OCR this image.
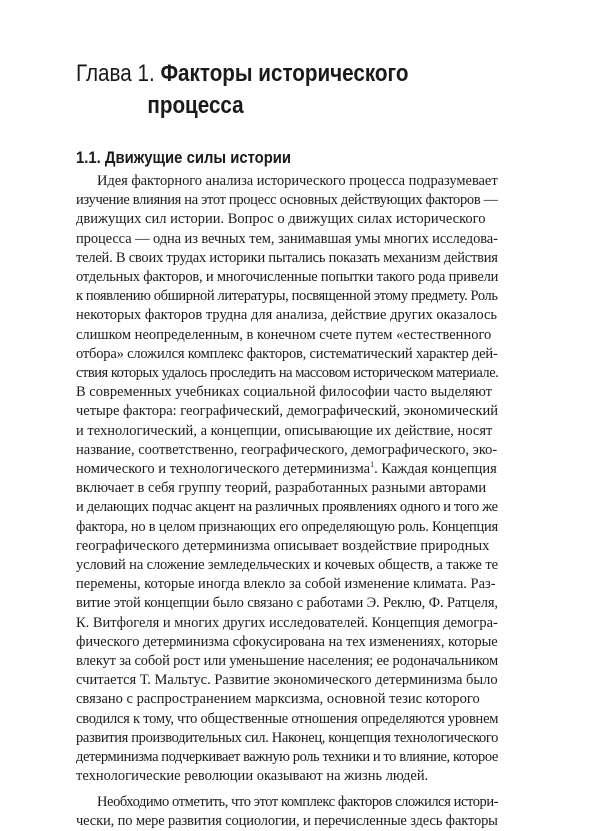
Глава 1. Факторы исторического
процесса
1.1. Движущие силы истории
Идея факторного анализа исторического процесса подразумевает
изучение влияния на этот процесс основных действующих факторов —
движущих сил истории. Вопрос о движущих силах исторического
процесса — одна из вечных тем, занимавшая умы многих исследова-
телей. В своих трудах историки пытались показать механизм действия
отдельных факторов, и многочисленные попытки такого рода привели
к появлению обширной литературы, посвященной этому предмету. Роль
некоторых факторов трудна для анализа, действие других оказалось
слишком неопределенным, в конечном счете путем «естественного
отбора» сложился комплекс факторов, систематический характер дей-
ствия которых удалось проследить на массовом историческом материале.
В современных учебниках социальной философии часто выделяют
четыре фактора: географический, демографический, экономический
и технологический, а концепции, описывающие их действие, носят
название, соответственно, географического, демографического, эко-
номического и технологического детерминизма$^1$. Каждая концепция
включает в себя группу теорий, разработанных разными авторами
и делающих подчас акцент на различных проявлениях одного и того же
фактора, но в целом признающих его определяющую роль. Концепция
географического детерминизма описывает воздействие природных
условий на сложение земледельческих и кочевых обществ, а также те
перемены, которые иногда влекло за собой изменение климата. Раз-
витие этой концепции было связано с работами Э. Реклю, Ф. Ратцеля,
К. Витфогеля и многих других исследователей. Концепция демогра-
фического детерминизма сфокусирована на тех изменениях, которые
влекут за собой рост или уменьшение населения; ее родоначальником
считается Т. Мальтус. Развитие экономического детерминизма было
связано с распространением марксизма, основной тезис которого
сводился к тому, что общественные отношения определяются уровнем
развития производительных сил. Наконец, концепция технологического
детерминизма подчеркивает важную роль техники и то влияние, которое
технологические революции оказывают на жизнь людей.
Необходимо отметить, что этот комплекс факторов сложился истори-
чески, по мере развития социологии, и перечисленные здесь факторы
